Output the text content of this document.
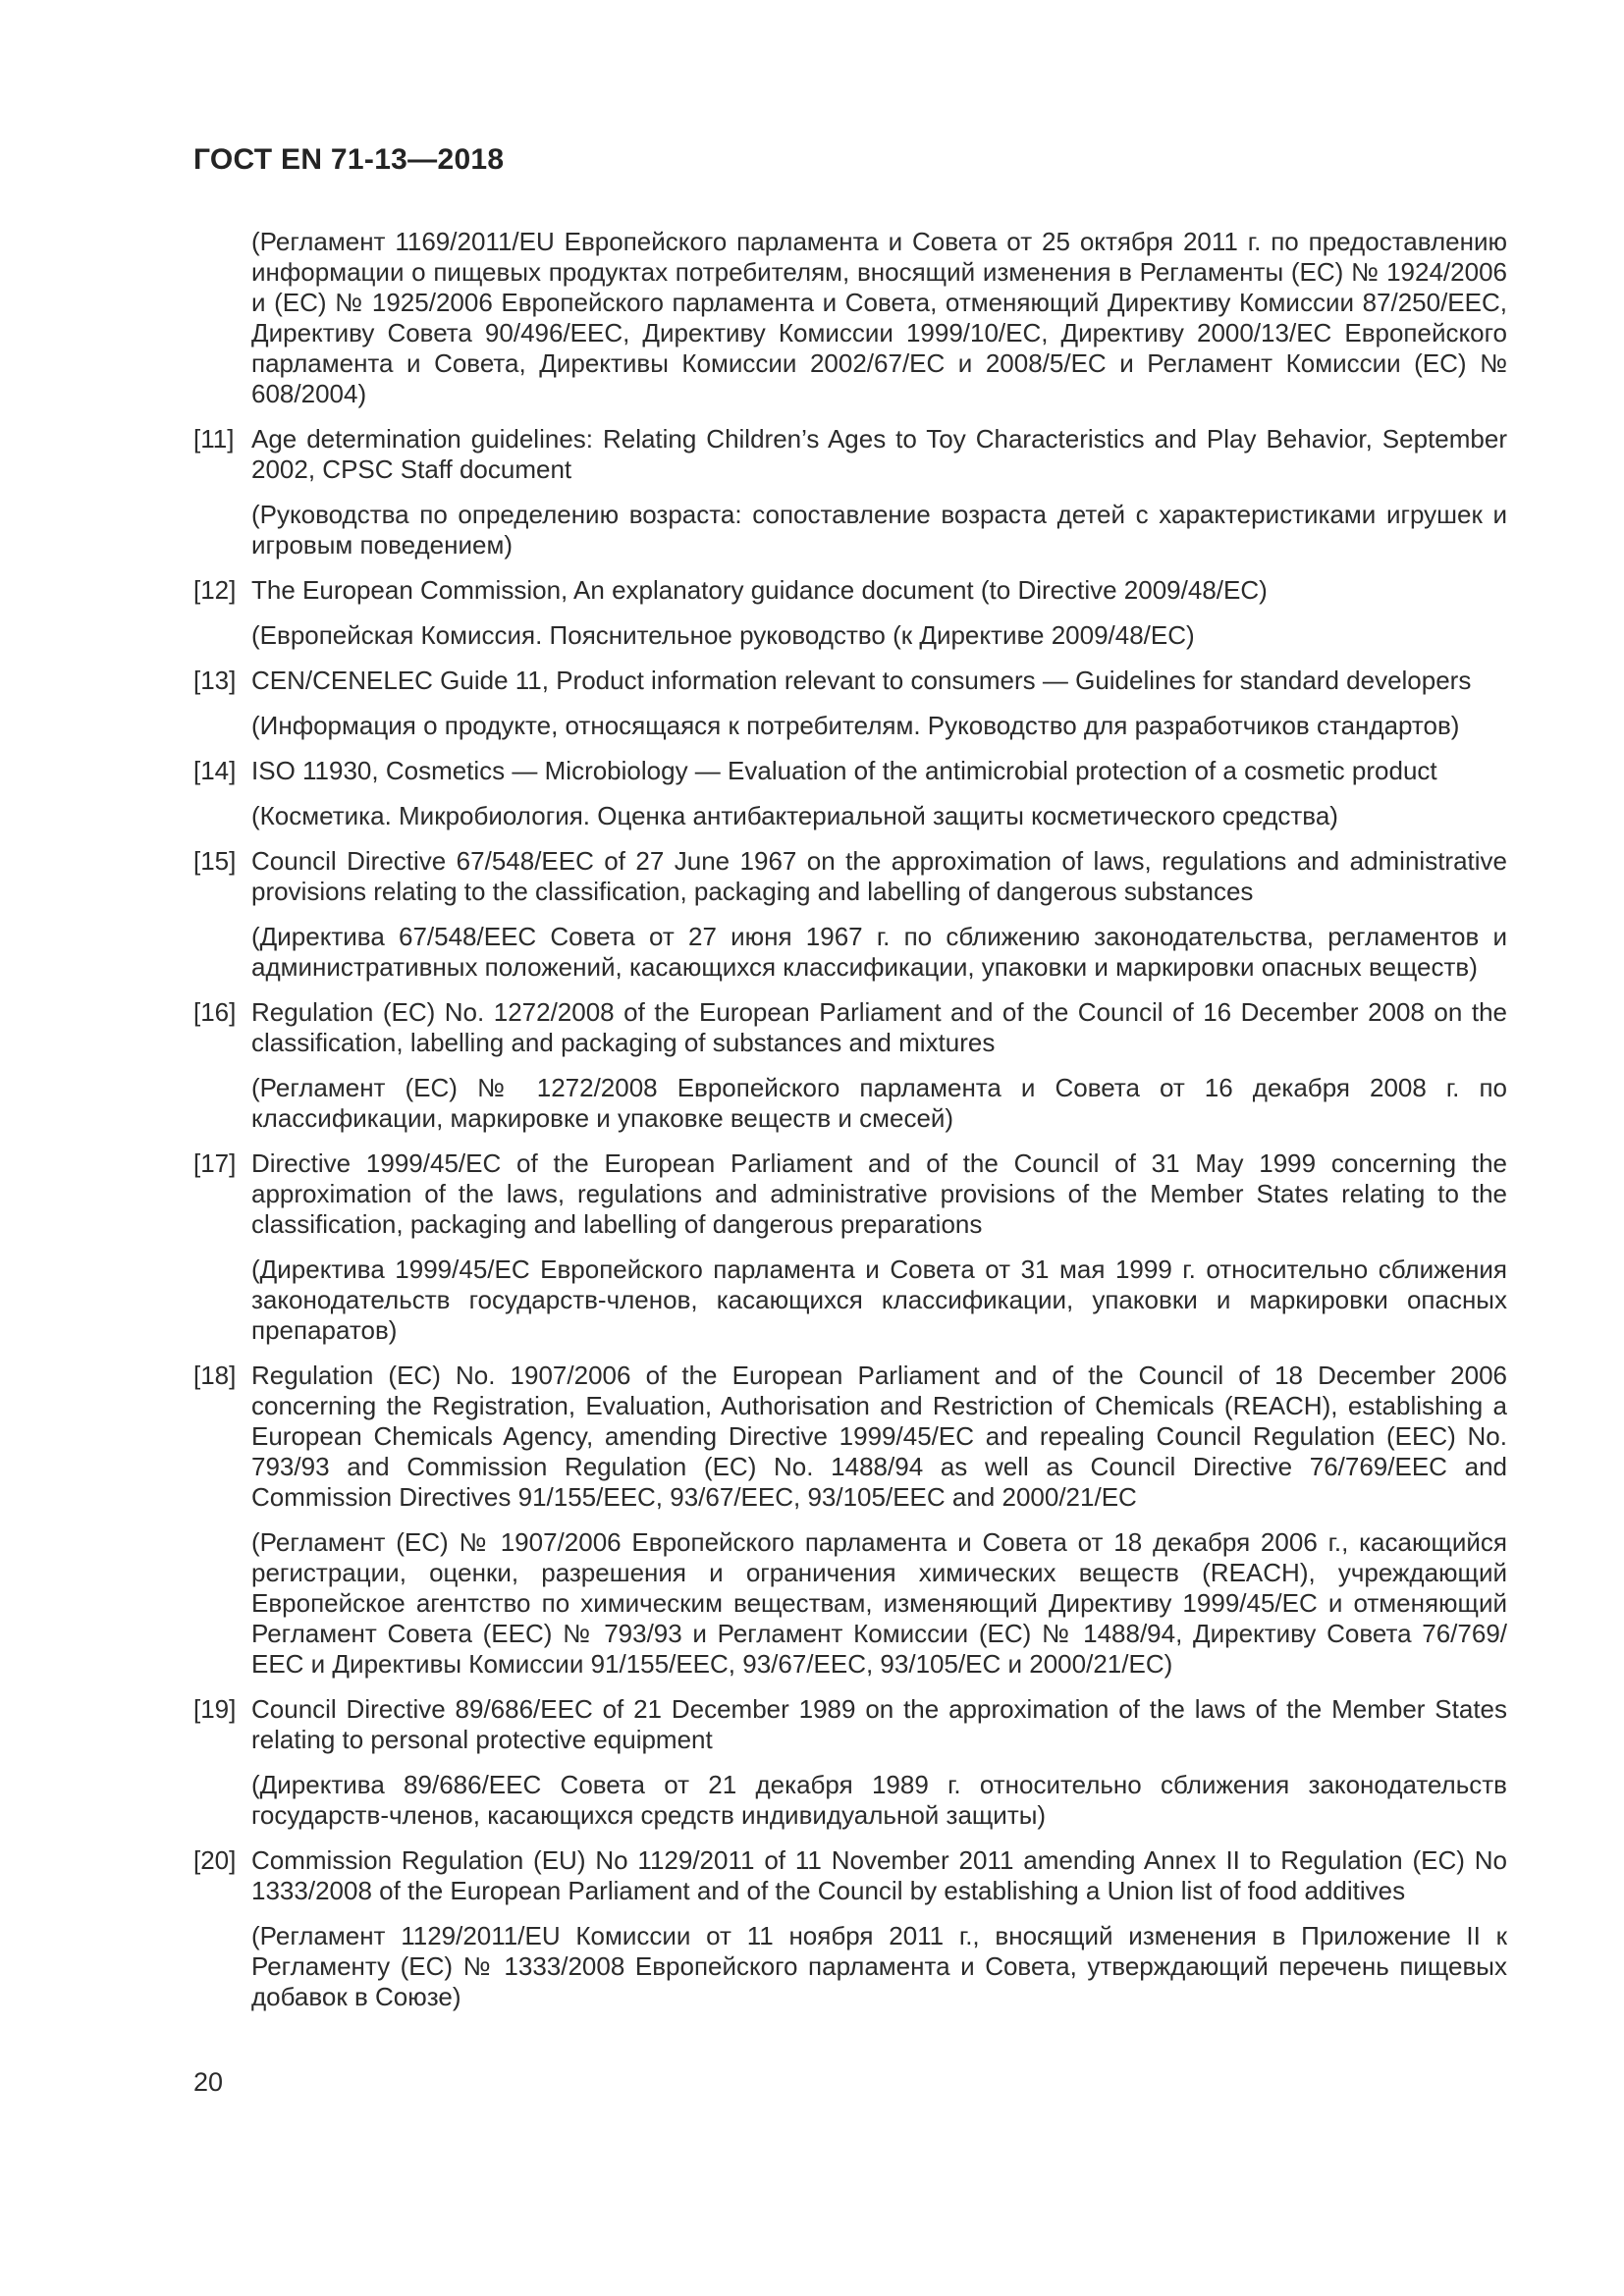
ГОСТ EN 71-13—2018

(Регламент 1169/2011/EU Европейского парламента и Совета от 25 октября 2011 г. по предоставлению информации о пищевых продуктах потребителям, вносящий изменения в Регламенты (ЕС) № 1924/2006 и (ЕС) № 1925/2006 Европейского парламента и Совета, отменяющий Директиву Комиссии 87/250/ЕЕС, Директиву Совета 90/496/ЕЕС, Директиву Комиссии 1999/10/ЕС, Директиву 2000/13/ЕС Европейского парламента и Совета, Директивы Комиссии 2002/67/ЕС и 2008/5/ЕС и Регламент Комиссии (ЕС) № 608/2004)

[11] Age determination guidelines: Relating Children’s Ages to Toy Characteristics and Play Behavior, September 2002, CPSC Staff document

(Руководства по определению возраста: сопоставление возраста детей с характеристиками игрушек и игровым поведением)

[12] The European Commission, An explanatory guidance document (to Directive 2009/48/EC)

(Европейская Комиссия. Пояснительное руководство (к Директиве 2009/48/ЕС)

[13] CEN/CENELEC Guide 11, Product information relevant to consumers — Guidelines for standard developers

(Информация о продукте, относящаяся к потребителям. Руководство для разработчиков стандартов)

[14] ISO 11930, Cosmetics — Microbiology — Evaluation of the antimicrobial protection of a cosmetic product

(Косметика. Микробиология. Оценка антибактериальной защиты косметического средства)

[15] Council Directive 67/548/EEC of 27 June 1967 on the approximation of laws, regulations and administrative provisions relating to the classification, packaging and labelling of dangerous substances

(Директива 67/548/ЕЕС Совета от 27 июня 1967 г. по сближению законодательства, регламентов и административных положений, касающихся классификации, упаковки и маркировки опасных веществ)

[16] Regulation (EC) No. 1272/2008 of the European Parliament and of the Council of 16 December 2008 on the classification, labelling and packaging of substances and mixtures

(Регламент (ЕС) № 1272/2008 Европейского парламента и Совета от 16 декабря 2008 г. по классификации, маркировке и упаковке веществ и смесей)

[17] Directive 1999/45/EC of the European Parliament and of the Council of 31 May 1999 concerning the approximation of the laws, regulations and administrative provisions of the Member States relating to the classification, packaging and labelling of dangerous preparations

(Директива 1999/45/ЕС Европейского парламента и Совета от 31 мая 1999 г. относительно сближения законодательств государств-членов, касающихся классификации, упаковки и маркировки опасных препаратов)

[18] Regulation (EC) No. 1907/2006 of the European Parliament and of the Council of 18 December 2006 concerning the Registration, Evaluation, Authorisation and Restriction of Chemicals (REACH), establishing a European Chemicals Agency, amending Directive 1999/45/EC and repealing Council Regulation (EEC) No. 793/93 and Commission Regulation (EC) No. 1488/94 as well as Council Directive 76/769/EEC and Commission Directives 91/155/EEC, 93/67/EEC, 93/105/EEC and 2000/21/EC

(Регламент (ЕС) № 1907/2006 Европейского парламента и Совета от 18 декабря 2006 г., касающийся регистрации, оценки, разрешения и ограничения химических веществ (REACH), учреждающий Европейское агентство по химическим веществам, изменяющий Директиву 1999/45/ЕС и отменяющий Регламент Совета (ЕЕС) № 793/93 и Регламент Комиссии (ЕС) № 1488/94, Директиву Совета 76/769/ЕЕС и Директивы Комиссии 91/155/ЕЕС, 93/67/ЕЕС, 93/105/ЕС и 2000/21/ЕС)

[19] Council Directive 89/686/EEC of 21 December 1989 on the approximation of the laws of the Member States relating to personal protective equipment

(Директива 89/686/ЕЕС Совета от 21 декабря 1989 г. относительно сближения законодательств государств-членов, касающихся средств индивидуальной защиты)

[20] Commission Regulation (EU) No 1129/2011 of 11 November 2011 amending Annex II to Regulation (EC) No 1333/2008 of the European Parliament and of the Council by establishing a Union list of food additives

(Регламент 1129/2011/EU Комиссии от 11 ноября 2011 г., вносящий изменения в Приложение II к Регламенту (ЕС) № 1333/2008 Европейского парламента и Совета, утверждающий перечень пищевых добавок в Союзе)

20
